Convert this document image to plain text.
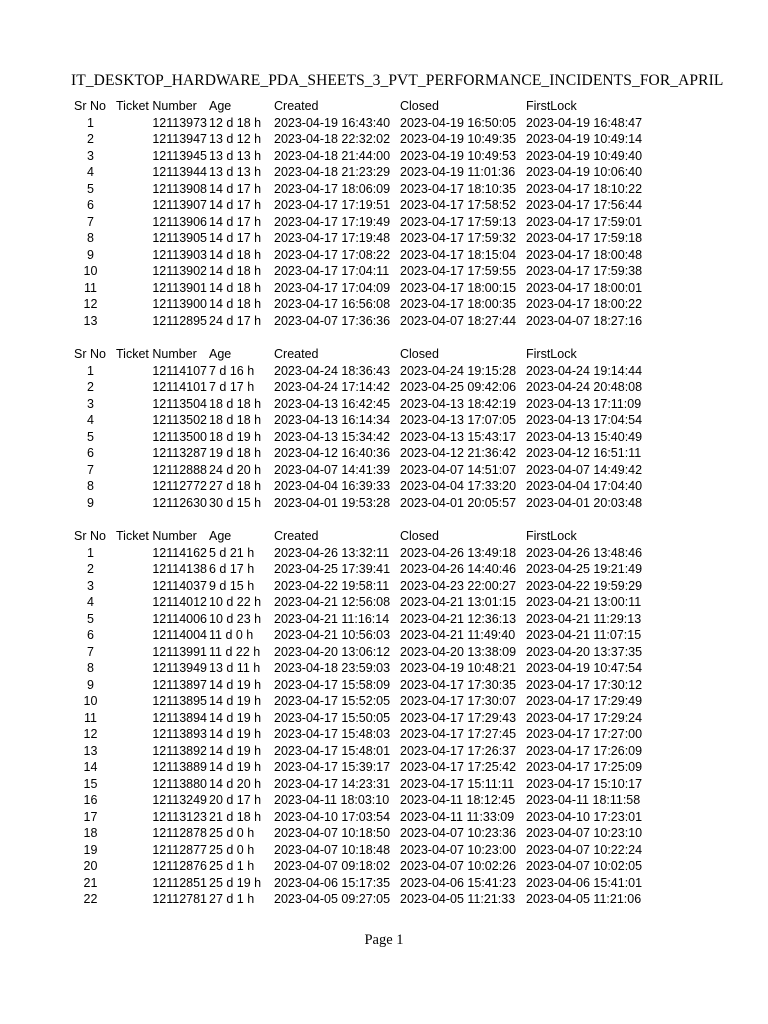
IT_DESKTOP_HARDWARE_PDA_SHEETS_3_PVT_PERFORMANCE_INCIDENTS_FOR_APRIL
Sr No Ticket Number Age	Created	Closed	FirstLock
1	12113973 12 d 18 h 2023-04-19 16:43:40 2023-04-19 16:50:05 2023-04-19 16:48:47
2	12113947 13 d 12 h 2023-04-18 22:32:02 2023-04-19 10:49:35 2023-04-19 10:49:14
3	12113945 13 d 13 h 2023-04-18 21:44:00 2023-04-19 10:49:53 2023-04-19 10:49:40
4	12113944 13 d 13 h 2023-04-18 21:23:29 2023-04-19 11:01:36 2023-04-19 10:06:40
5	12113908 14 d 17 h 2023-04-17 18:06:09 2023-04-17 18:10:35 2023-04-17 18:10:22
6	12113907 14 d 17 h 2023-04-17 17:19:51 2023-04-17 17:58:52 2023-04-17 17:56:44
7	12113906 14 d 17 h 2023-04-17 17:19:49 2023-04-17 17:59:13 2023-04-17 17:59:01
8	12113905 14 d 17 h 2023-04-17 17:19:48 2023-04-17 17:59:32 2023-04-17 17:59:18
9	12113903 14 d 18 h 2023-04-17 17:08:22 2023-04-17 18:15:04 2023-04-17 18:00:48
10	12113902 14 d 18 h 2023-04-17 17:04:11 2023-04-17 17:59:55 2023-04-17 17:59:38
11	12113901 14 d 18 h 2023-04-17 17:04:09 2023-04-17 18:00:15 2023-04-17 18:00:01
12	12113900 14 d 18 h 2023-04-17 16:56:08 2023-04-17 18:00:35 2023-04-17 18:00:22
13	12112895 24 d 17 h 2023-04-07 17:36:36 2023-04-07 18:27:44 2023-04-07 18:27:16
Sr No Ticket Number Age	Created	Closed	FirstLock
1	12114107 7 d 16 h 2023-04-24 18:36:43 2023-04-24 19:15:28 2023-04-24 19:14:44
2	12114101 7 d 17 h 2023-04-24 17:14:42 2023-04-25 09:42:06 2023-04-24 20:48:08
3	12113504 18 d 18 h 2023-04-13 16:42:45 2023-04-13 18:42:19 2023-04-13 17:11:09
4	12113502 18 d 18 h 2023-04-13 16:14:34 2023-04-13 17:07:05 2023-04-13 17:04:54
5	12113500 18 d 19 h 2023-04-13 15:34:42 2023-04-13 15:43:17 2023-04-13 15:40:49
6	12113287 19 d 18 h 2023-04-12 16:40:36 2023-04-12 21:36:42 2023-04-12 16:51:11
7	12112888 24 d 20 h 2023-04-07 14:41:39 2023-04-07 14:51:07 2023-04-07 14:49:42
8	12112772 27 d 18 h 2023-04-04 16:39:33 2023-04-04 17:33:20 2023-04-04 17:04:40
9	12112630 30 d 15 h 2023-04-01 19:53:28 2023-04-01 20:05:57 2023-04-01 20:03:48
Sr No Ticket Number Age	Created	Closed	FirstLock
1	12114162 5 d 21 h 2023-04-26 13:32:11 2023-04-26 13:49:18 2023-04-26 13:48:46
2	12114138 6 d 17 h 2023-04-25 17:39:41 2023-04-26 14:40:46 2023-04-25 19:21:49
3	12114037 9 d 15 h 2023-04-22 19:58:11 2023-04-23 22:00:27 2023-04-22 19:59:29
4	12114012 10 d 22 h 2023-04-21 12:56:08 2023-04-21 13:01:15 2023-04-21 13:00:11
5	12114006 10 d 23 h 2023-04-21 11:16:14 2023-04-21 12:36:13 2023-04-21 11:29:13
6	12114004 11 d 0 h 2023-04-21 10:56:03 2023-04-21 11:49:40 2023-04-21 11:07:15
7	12113991 11 d 22 h 2023-04-20 13:06:12 2023-04-20 13:38:09 2023-04-20 13:37:35
8	12113949 13 d 11 h 2023-04-18 23:59:03 2023-04-19 10:48:21 2023-04-19 10:47:54
9	12113897 14 d 19 h 2023-04-17 15:58:09 2023-04-17 17:30:35 2023-04-17 17:30:12
10	12113895 14 d 19 h 2023-04-17 15:52:05 2023-04-17 17:30:07 2023-04-17 17:29:49
11	12113894 14 d 19 h 2023-04-17 15:50:05 2023-04-17 17:29:43 2023-04-17 17:29:24
12	12113893 14 d 19 h 2023-04-17 15:48:03 2023-04-17 17:27:45 2023-04-17 17:27:00
13	12113892 14 d 19 h 2023-04-17 15:48:01 2023-04-17 17:26:37 2023-04-17 17:26:09
14	12113889 14 d 19 h 2023-04-17 15:39:17 2023-04-17 17:25:42 2023-04-17 17:25:09
15	12113880 14 d 20 h 2023-04-17 14:23:31 2023-04-17 15:11:11 2023-04-17 15:10:17
16	12113249 20 d 17 h 2023-04-11 18:03:10 2023-04-11 18:12:45 2023-04-11 18:11:58
17	12113123 21 d 18 h 2023-04-10 17:03:54 2023-04-11 11:33:09 2023-04-10 17:23:01
18	12112878 25 d 0 h 2023-04-07 10:18:50 2023-04-07 10:23:36 2023-04-07 10:23:10
19	12112877 25 d 0 h 2023-04-07 10:18:48 2023-04-07 10:23:00 2023-04-07 10:22:24
20	12112876 25 d 1 h 2023-04-07 09:18:02 2023-04-07 10:02:26 2023-04-07 10:02:05
21	12112851 25 d 19 h 2023-04-06 15:17:35 2023-04-06 15:41:23 2023-04-06 15:41:01
22	12112781 27 d 1 h 2023-04-05 09:27:05 2023-04-05 11:21:33 2023-04-05 11:21:06
Page 1
